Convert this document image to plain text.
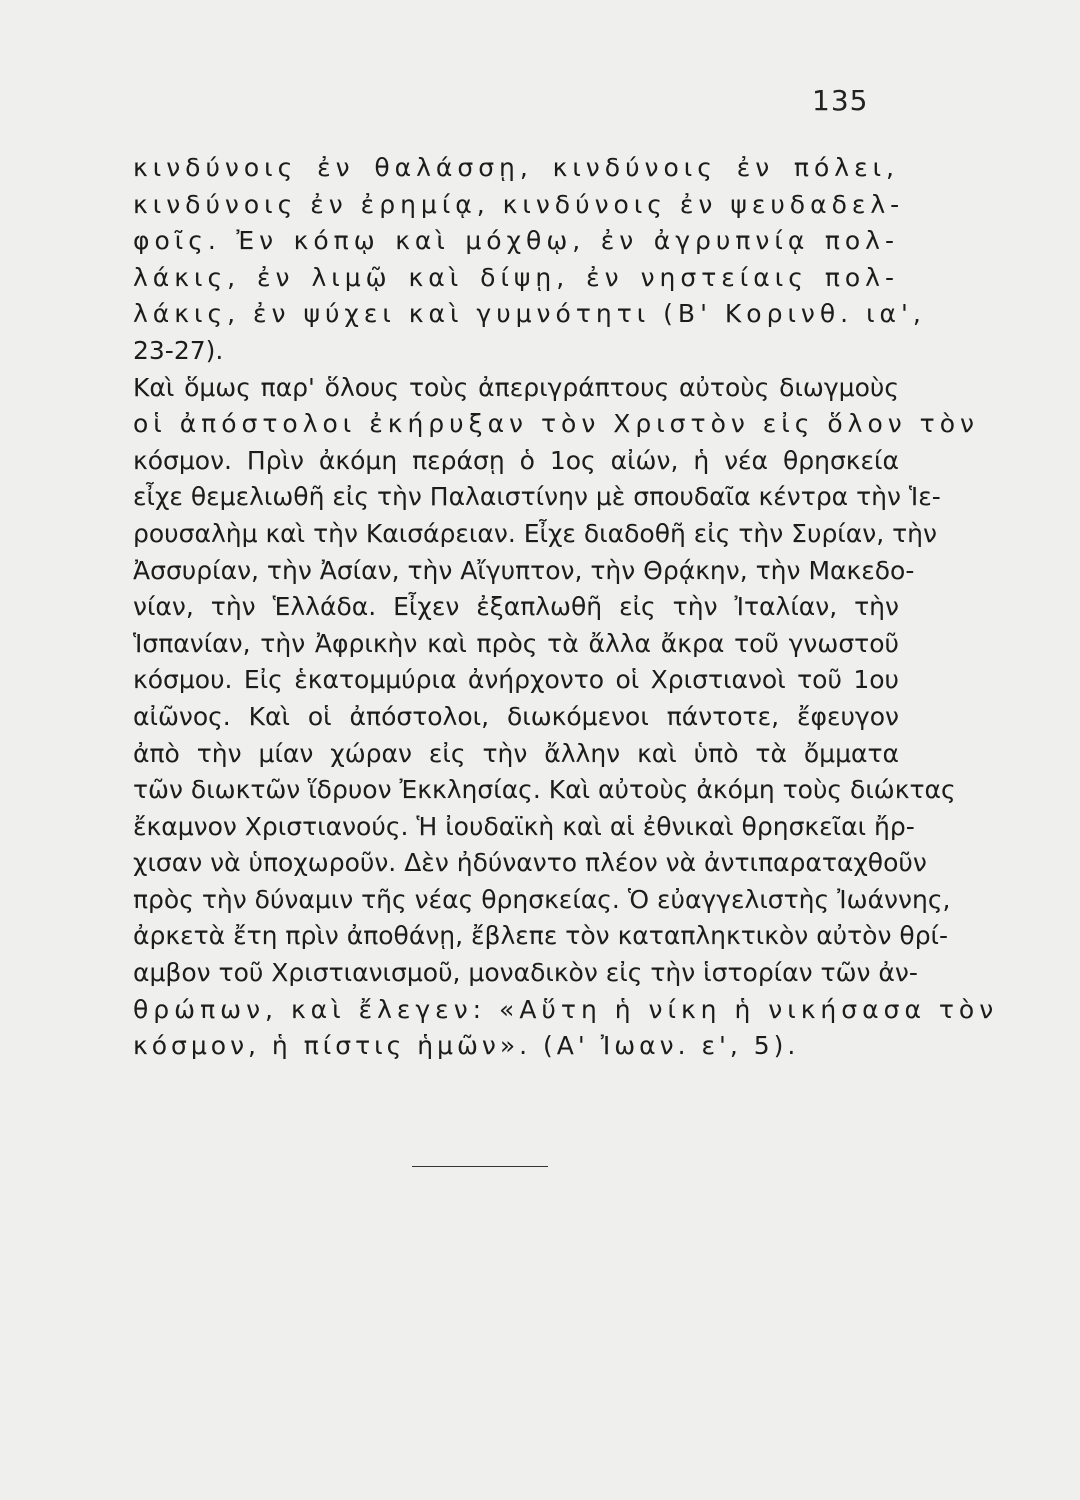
135
κινδύνοις ἐν θαλάσσῃ, κινδύνοις ἐν πόλει,
κινδύνοις ἐν ἐρημίᾳ, κινδύνοις ἐν ψευδαδελ-
φοῖς. Ἐν κόπῳ καὶ μόχθῳ, ἐν ἀγρυπνίᾳ πολ-
λάκις, ἐν λιμῷ καὶ δίψῃ, ἐν νηστείαις πολ-
λάκις, ἐν ψύχει καὶ γυμνότητι (Β' Κορινθ. ια',
23-27).
Καὶ ὅμως παρ' ὅλους τοὺς ἀπεριγράπτους αὐτοὺς διωγμοὺς
οἱ ἀπόστολοι ἐκήρυξαν τὸν Χριστὸν εἰς ὅλον τὸν
κόσμον. Πρὶν ἀκόμη περάσῃ ὁ 1ος αἰών, ἡ νέα θρησκεία
εἶχε θεμελιωθῆ εἰς τὴν Παλαιστίνην μὲ σπουδαῖα κέντρα τὴν Ἱε-
ρουσαλὴμ καὶ τὴν Καισάρειαν. Εἶχε διαδοθῆ εἰς τὴν Συρίαν, τὴν
Ἀσσυρίαν, τὴν Ἀσίαν, τὴν Αἴγυπτον, τὴν Θρᾴκην, τὴν Μακεδο-
νίαν, τὴν Ἑλλάδα. Εἶχεν ἐξαπλωθῆ εἰς τὴν Ἰταλίαν, τὴν
Ἱσπανίαν, τὴν Ἀφρικὴν καὶ πρὸς τὰ ἄλλα ἄκρα τοῦ γνωστοῦ
κόσμου. Εἰς ἑκατομμύρια ἀνήρχοντο οἱ Χριστιανοὶ τοῦ 1ου
αἰῶνος. Καὶ οἱ ἀπόστολοι, διωκόμενοι πάντοτε, ἔφευγον
ἀπὸ τὴν μίαν χώραν εἰς τὴν ἄλλην καὶ ὑπὸ τὰ ὄμματα
τῶν διωκτῶν ἵδρυον Ἐκκλησίας. Καὶ αὐτοὺς ἀκόμη τοὺς διώκτας
ἔκαμνον Χριστιανούς. Ἡ ἰουδαϊκὴ καὶ αἱ ἐθνικαὶ θρησκεῖαι ἤρ-
χισαν νὰ ὑποχωροῦν. Δὲν ἠδύναντο πλέον νὰ ἀντιπαραταχθοῦν
πρὸς τὴν δύναμιν τῆς νέας θρησκείας. Ὁ εὐαγγελιστὴς Ἰωάννης,
ἀρκετὰ ἔτη πρὶν ἀποθάνῃ, ἔβλεπε τὸν καταπληκτικὸν αὐτὸν θρί-
αμβον τοῦ Χριστιανισμοῦ, μοναδικὸν εἰς τὴν ἱστορίαν τῶν ἀν-
θρώπων, καὶ ἔλεγεν: «Αὕτη ἡ νίκη ἡ νικήσασα τὸν
κόσμον, ἡ πίστις ἡμῶν». (Α' Ἰωαν. ε', 5).
